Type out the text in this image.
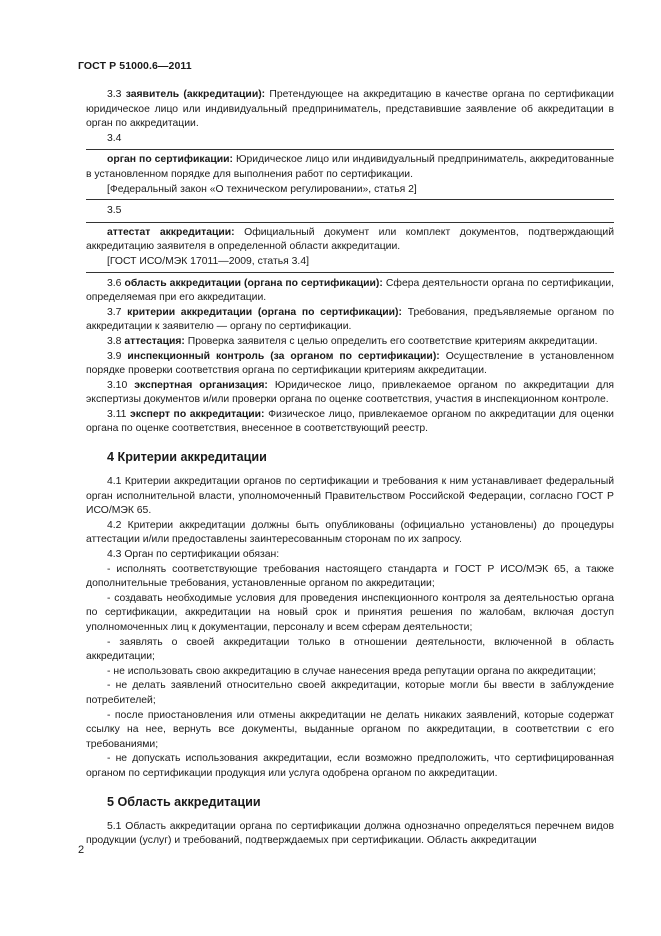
ГОСТ Р 51000.6—2011

3.3 заявитель (аккредитации): Претендующее на аккредитацию в качестве органа по сертификации юридическое лицо или индивидуальный предприниматель, представившие заявление об аккредитации в орган по аккредитации.

3.4

орган по сертификации: Юридическое лицо или индивидуальный предприниматель, аккредитованные в установленном порядке для выполнения работ по сертификации.

[Федеральный закон «О техническом регулировании», статья 2]

3.5

аттестат аккредитации: Официальный документ или комплект документов, подтверждающий аккредитацию заявителя в определенной области аккредитации.

[ГОСТ ИСО/МЭК 17011—2009, статья 3.4]

3.6 область аккредитации (органа по сертификации): Cфера деятельности органа по сертификации, определяемая при его аккредитации.

3.7 критерии аккредитации (органа по сертификации): Требования, предъявляемые органом по аккредитации к заявителю — органу по сертификации.

3.8 аттестация: Проверка заявителя с целью определить его соответствие критериям аккредитации.

3.9 инспекционный контроль (за органом по сертификации): Осуществление в установленном порядке проверки соответствия органа по сертификации критериям аккредитации.

3.10 экспертная организация: Юридическое лицо, привлекаемое органом по аккредитации для экспертизы документов и/или проверки органа по оценке соответствия, участия в инспекционном контроле.

3.11 эксперт по аккредитации: Физическое лицо, привлекаемое органом по аккредитации для оценки органа по оценке соответствия, внесенное в соответствующий реестр.

4 Критерии аккредитации

4.1 Критерии аккредитации органов по сертификации и требования к ним устанавливает федеральный орган исполнительной власти, уполномоченный Правительством Российской Федерации, согласно ГОСТ Р ИСО/МЭК 65.

4.2 Критерии аккредитации должны быть опубликованы (официально установлены) до процедуры аттестации и/или предоставлены заинтересованным сторонам по их запросу.

4.3 Орган по сертификации обязан:

- исполнять соответствующие требования настоящего стандарта и ГОСТ Р ИСО/МЭК 65, а также дополнительные требования, установленные органом по аккредитации;

- создавать необходимые условия для проведения инспекционного контроля за деятельностью органа по сертификации, аккредитации на новый срок и принятия решения по жалобам, включая доступ уполномоченных лиц к документации, персоналу и всем сферам деятельности;

- заявлять о своей аккредитации только в отношении деятельности, включенной в область аккредитации;

- не использовать свою аккредитацию в случае нанесения вреда репутации органа по аккредитации;

- не делать заявлений относительно своей аккредитации, которые могли бы ввести в заблуждение потребителей;

- после приостановления или отмены аккредитации не делать никаких заявлений, которые содержат ссылку на нее, вернуть все документы, выданные органом по аккредитации, в соответствии с его требованиями;

- не допускать использования аккредитации, если возможно предположить, что сертифицированная органом по сертификации продукция или услуга одобрена органом по аккредитации.

5 Область аккредитации

5.1 Область аккредитации органа по сертификации должна однозначно определяться перечнем видов продукции (услуг) и требований, подтверждаемых при сертификации. Область аккредитации

2
